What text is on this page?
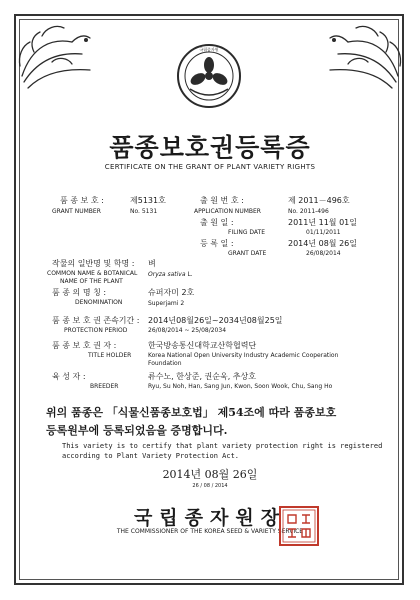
국립종자원
품종보호권등록증
CERTIFICATE ON THE GRANT OF PLANT VARIETY RIGHTS
품 종 보 호 :
GRANT NUMBER
제5131호
No. 5131
출 원 번 호 :
APPLICATION NUMBER
제 2011－496호
No. 2011-496
출 원 일 :
FILING DATE
2011년 11월 01일
01/11/2011
등 록 일 :
GRANT DATE
2014년 08월 26일
26/08/2014
작물의 일반명 및 학명 :
COMMON NAME & BOTANICAL
NAME OF THE PLANT
벼
Oryza sativa L.
품 종 의 명 칭 :
DENOMINATION
슈퍼자미 2호
Superjami 2
품 종 보 호 권 존속기간 :
PROTECTION PERIOD
2014년08월26일~2034년08월25일
26/08/2014 ~ 25/08/2034
품 종 보 호 권 자 :
TITLE HOLDER
한국방송통신대학교산학협력단
Korea National Open University Industry Academic Cooperation
Foundation
육 성 자 :
BREEDER
류수노, 한상준, 권순욱, 추상호
Ryu, Su Noh, Han, Sang Jun, Kwon, Soon Wook, Chu, Sang Ho
위의 품종은 「식물신품종보호법」 제54조에 따라 품종보호
등록원부에 등록되었음을 증명합니다.
This variety is to certify that plant variety protection right is registered
according to Plant Variety Protection Act.
2014년 08월 26일
26 / 08 / 2014
국립종자원장
THE COMMISSIONER OF THE KOREA SEED & VARIETY SERVICE
